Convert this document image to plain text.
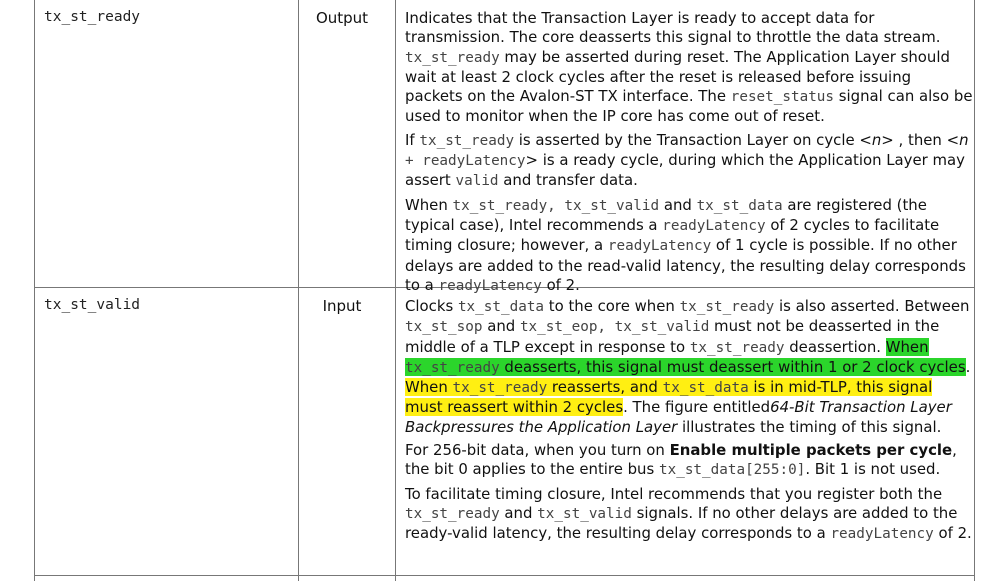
tx_st_ready	Output	Indicates that the Transaction Layer is ready to accept data for transmission. The core deasserts this signal to throttle the data stream. tx_st_ready may be asserted during reset. The Application Layer should wait at least 2 clock cycles after the reset is released before issuing packets on the Avalon-ST TX interface. The reset_status signal can also be used to monitor when the IP core has come out of reset.

If tx_st_ready is asserted by the Transaction Layer on cycle <n> , then <n + readyLatency> is a ready cycle, during which the Application Layer may assert valid and transfer data.

When tx_st_ready, tx_st_valid and tx_st_data are registered (the typical case), Intel recommends a readyLatency of 2 cycles to facilitate timing closure; however, a readyLatency of 1 cycle is possible. If no other delays are added to the read-valid latency, the resulting delay corresponds to a readyLatency of 2.

tx_st_valid	Input	Clocks tx_st_data to the core when tx_st_ready is also asserted. Between tx_st_sop and tx_st_eop, tx_st_valid must not be deasserted in the middle of a TLP except in response to tx_st_ready deassertion. When tx_st_ready deasserts, this signal must deassert within 1 or 2 clock cycles. When tx_st_ready reasserts, and tx_st_data is in mid-TLP, this signal must reassert within 2 cycles. The figure entitled64-Bit Transaction Layer Backpressures the Application Layer illustrates the timing of this signal.

For 256-bit data, when you turn on Enable multiple packets per cycle, the bit 0 applies to the entire bus tx_st_data[255:0]. Bit 1 is not used.

To facilitate timing closure, Intel recommends that you register both the tx_st_ready and tx_st_valid signals. If no other delays are added to the ready-valid latency, the resulting delay corresponds to a readyLatency of 2.
